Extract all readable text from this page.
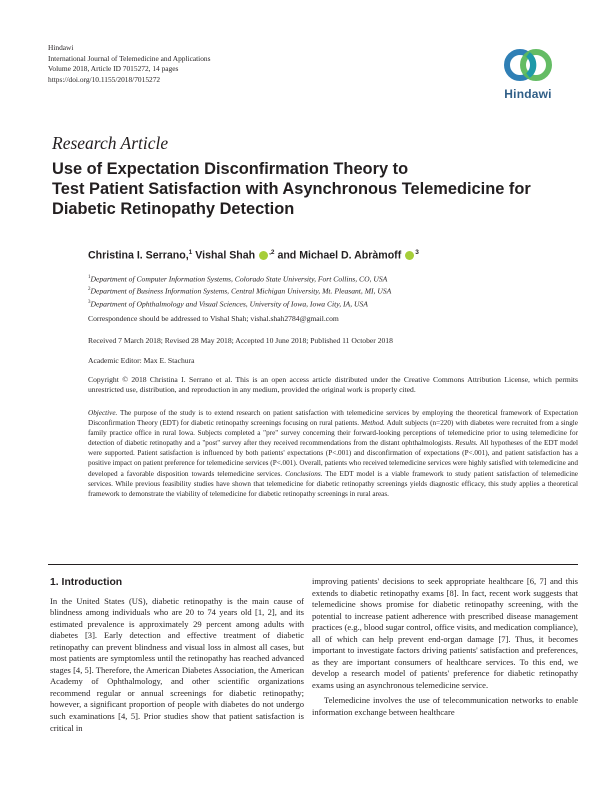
Hindawi
International Journal of Telemedicine and Applications
Volume 2018, Article ID 7015272, 14 pages
https://doi.org/10.1155/2018/7015272
Hindawi
Research Article
Use of Expectation Disconfirmation Theory to
Test Patient Satisfaction with Asynchronous Telemedicine for
Diabetic Retinopathy Detection
Christina I. Serrano,$^1$ Vishal Shah $^{,2}$ and Michael D. Abràmoff $^3$
$^1$Department of Computer Information Systems, Colorado State University, Fort Collins, CO, USA
$^2$Department of Business Information Systems, Central Michigan University, Mt. Pleasant, MI, USA
$^3$Department of Ophthalmology and Visual Sciences, University of Iowa, Iowa City, IA, USA
Correspondence should be addressed to Vishal Shah; vishal.shah2784@gmail.com
Received 7 March 2018; Revised 28 May 2018; Accepted 10 June 2018; Published 11 October 2018
Academic Editor: Max E. Stachura
Copyright © 2018 Christina I. Serrano et al. This is an open access article distributed under the Creative Commons Attribution License, which permits unrestricted use, distribution, and reproduction in any medium, provided the original work is properly cited.
Objective. The purpose of the study is to extend research on patient satisfaction with telemedicine services by employing the theoretical framework of Expectation Disconfirmation Theory (EDT) for diabetic retinopathy screenings focusing on rural patients. Method. Adult subjects (n=220) with diabetes were recruited from a single family practice office in rural Iowa. Subjects completed a "pre" survey concerning their forward-looking perceptions of telemedicine prior to using telemedicine for detection of diabetic retinopathy and a "post" survey after they received recommendations from the distant ophthalmologists. Results. All hypotheses of the EDT model were supported. Patient satisfaction is influenced by both patients' expectations (P<.001) and disconfirmation of expectations (P<.001), and patient satisfaction has a positive impact on patient preference for telemedicine services (P<.001). Overall, patients who received telemedicine services were highly satisfied with telemedicine and developed a favorable disposition towards telemedicine services. Conclusions. The EDT model is a viable framework to study patient satisfaction of telemedicine services. While previous feasibility studies have shown that telemedicine for diabetic retinopathy screenings yields diagnostic efficacy, this study applies a theoretical framework to demonstrate the viability of telemedicine for diabetic retinopathy screenings in rural areas.
1. Introduction

In the United States (US), diabetic retinopathy is the main cause of blindness among individuals who are 20 to 74 years old [1, 2], and its estimated prevalence is approximately 29 percent among adults with diabetes [3]. Early detection and effective treatment of diabetic retinopathy can prevent blindness and visual loss in almost all cases, but most patients are symptomless until the retinopathy has reached advanced stages [4, 5]. Therefore, the American Diabetes Association, the American Academy of Ophthalmology, and other scientific organizations recommend regular or annual screenings for diabetic retinopathy; however, a significant proportion of people with diabetes do not undergo such examinations [4, 5]. Prior studies show that patient satisfaction is critical in

improving patients' decisions to seek appropriate healthcare [6, 7] and this extends to diabetic retinopathy exams [8]. In fact, recent work suggests that telemedicine shows promise for diabetic retinopathy screening, with the potential to increase patient adherence with prescribed disease management practices (e.g., blood sugar control, office visits, and medication compliance), all of which can help prevent end-organ damage [7]. Thus, it becomes important to investigate factors driving patients' satisfaction and preferences, as they are important consumers of healthcare services. To this end, we develop a research model of patients' preference for diabetic retinopathy exams using an asynchronous telemedicine service.

Telemedicine involves the use of telecommunication networks to enable information exchange between healthcare
